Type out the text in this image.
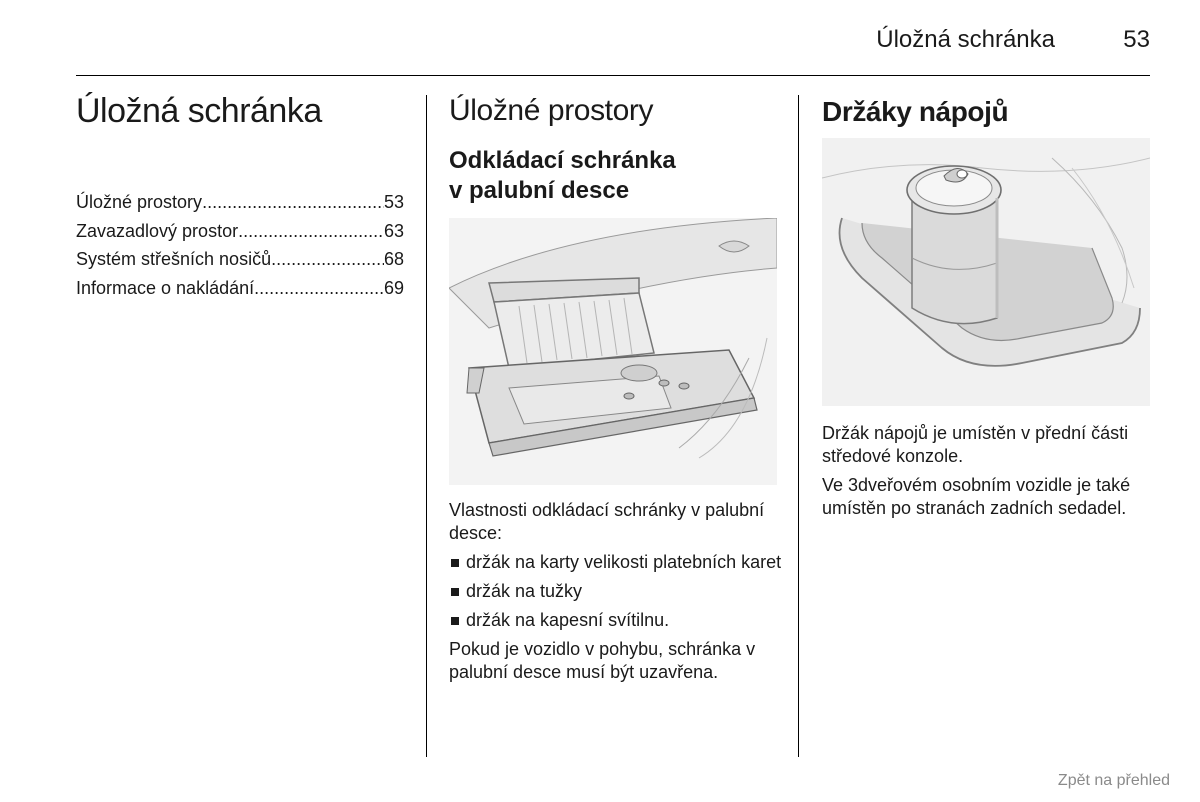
Úložná schránka	53
Úložná schránka
Úložné prostory .....	53
Zavazadlový prostor .....	63
Systém střešních nosičů .....	68
Informace o nakládání .....	69
Úložné prostory
Odkládací schránka
v palubní desce

Vlastnosti odkládací schránky v palubní desce:

držák na karty velikosti platebních karet
držák na tužky
držák na kapesní svítilnu.

Pokud je vozidlo v pohybu, schránka v palubní desce musí být uzavřena.

Držáky nápojů

Držák nápojů je umístěn v přední části středové konzole.

Ve 3dveřovém osobním vozidle je také umístěn po stranách zadních sedadel.

Zpět na přehled
